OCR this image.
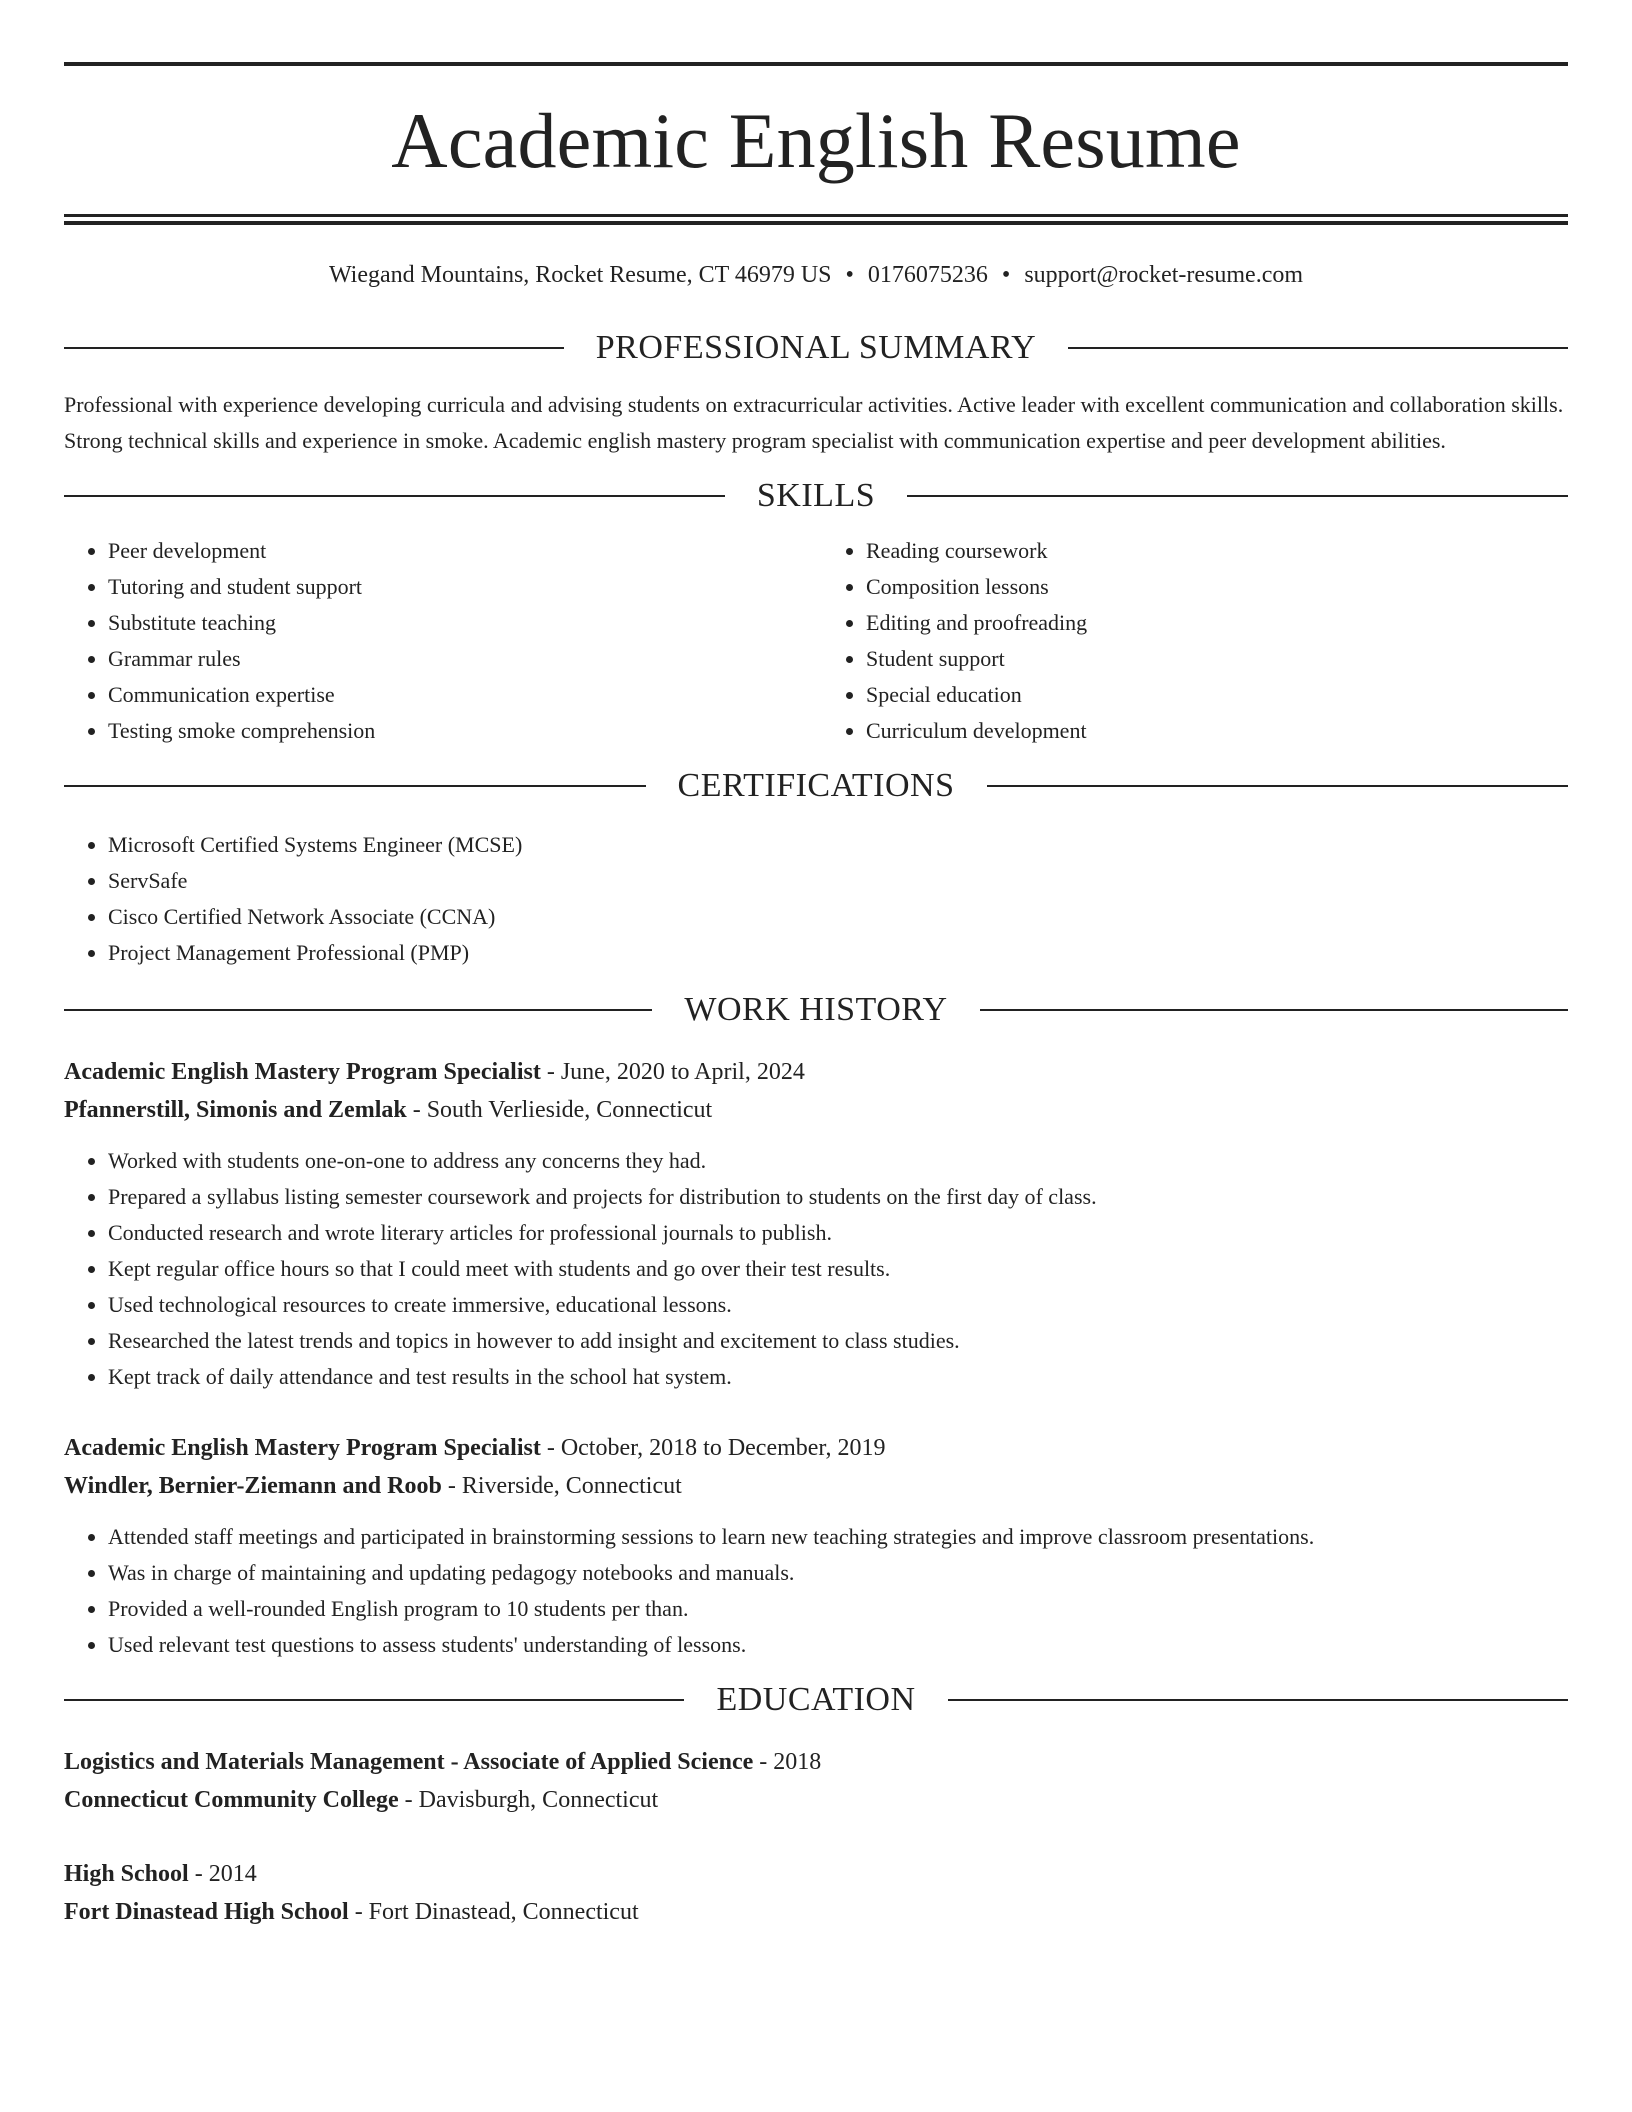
Academic English Resume
Wiegand Mountains, Rocket Resume, CT 46979 US • 0176075236 • support@rocket-resume.com
PROFESSIONAL SUMMARY
Professional with experience developing curricula and advising students on extracurricular activities. Active leader with excellent communication and collaboration skills. Strong technical skills and experience in smoke. Academic english mastery program specialist with communication expertise and peer development abilities.
SKILLS
• Peer development
• Tutoring and student support
• Substitute teaching
• Grammar rules
• Communication expertise
• Testing smoke comprehension
• Reading coursework
• Composition lessons
• Editing and proofreading
• Student support
• Special education
• Curriculum development
CERTIFICATIONS
• Microsoft Certified Systems Engineer (MCSE)
• ServSafe
• Cisco Certified Network Associate (CCNA)
• Project Management Professional (PMP)
WORK HISTORY
Academic English Mastery Program Specialist - June, 2020 to April, 2024
Pfannerstill, Simonis and Zemlak - South Verlieside, Connecticut
• Worked with students one-on-one to address any concerns they had.
• Prepared a syllabus listing semester coursework and projects for distribution to students on the first day of class.
• Conducted research and wrote literary articles for professional journals to publish.
• Kept regular office hours so that I could meet with students and go over their test results.
• Used technological resources to create immersive, educational lessons.
• Researched the latest trends and topics in however to add insight and excitement to class studies.
• Kept track of daily attendance and test results in the school hat system.
Academic English Mastery Program Specialist - October, 2018 to December, 2019
Windler, Bernier-Ziemann and Roob - Riverside, Connecticut
• Attended staff meetings and participated in brainstorming sessions to learn new teaching strategies and improve classroom presentations.
• Was in charge of maintaining and updating pedagogy notebooks and manuals.
• Provided a well-rounded English program to 10 students per than.
• Used relevant test questions to assess students' understanding of lessons.
EDUCATION
Logistics and Materials Management - Associate of Applied Science - 2018
Connecticut Community College - Davisburgh, Connecticut
High School - 2014
Fort Dinastead High School - Fort Dinastead, Connecticut
